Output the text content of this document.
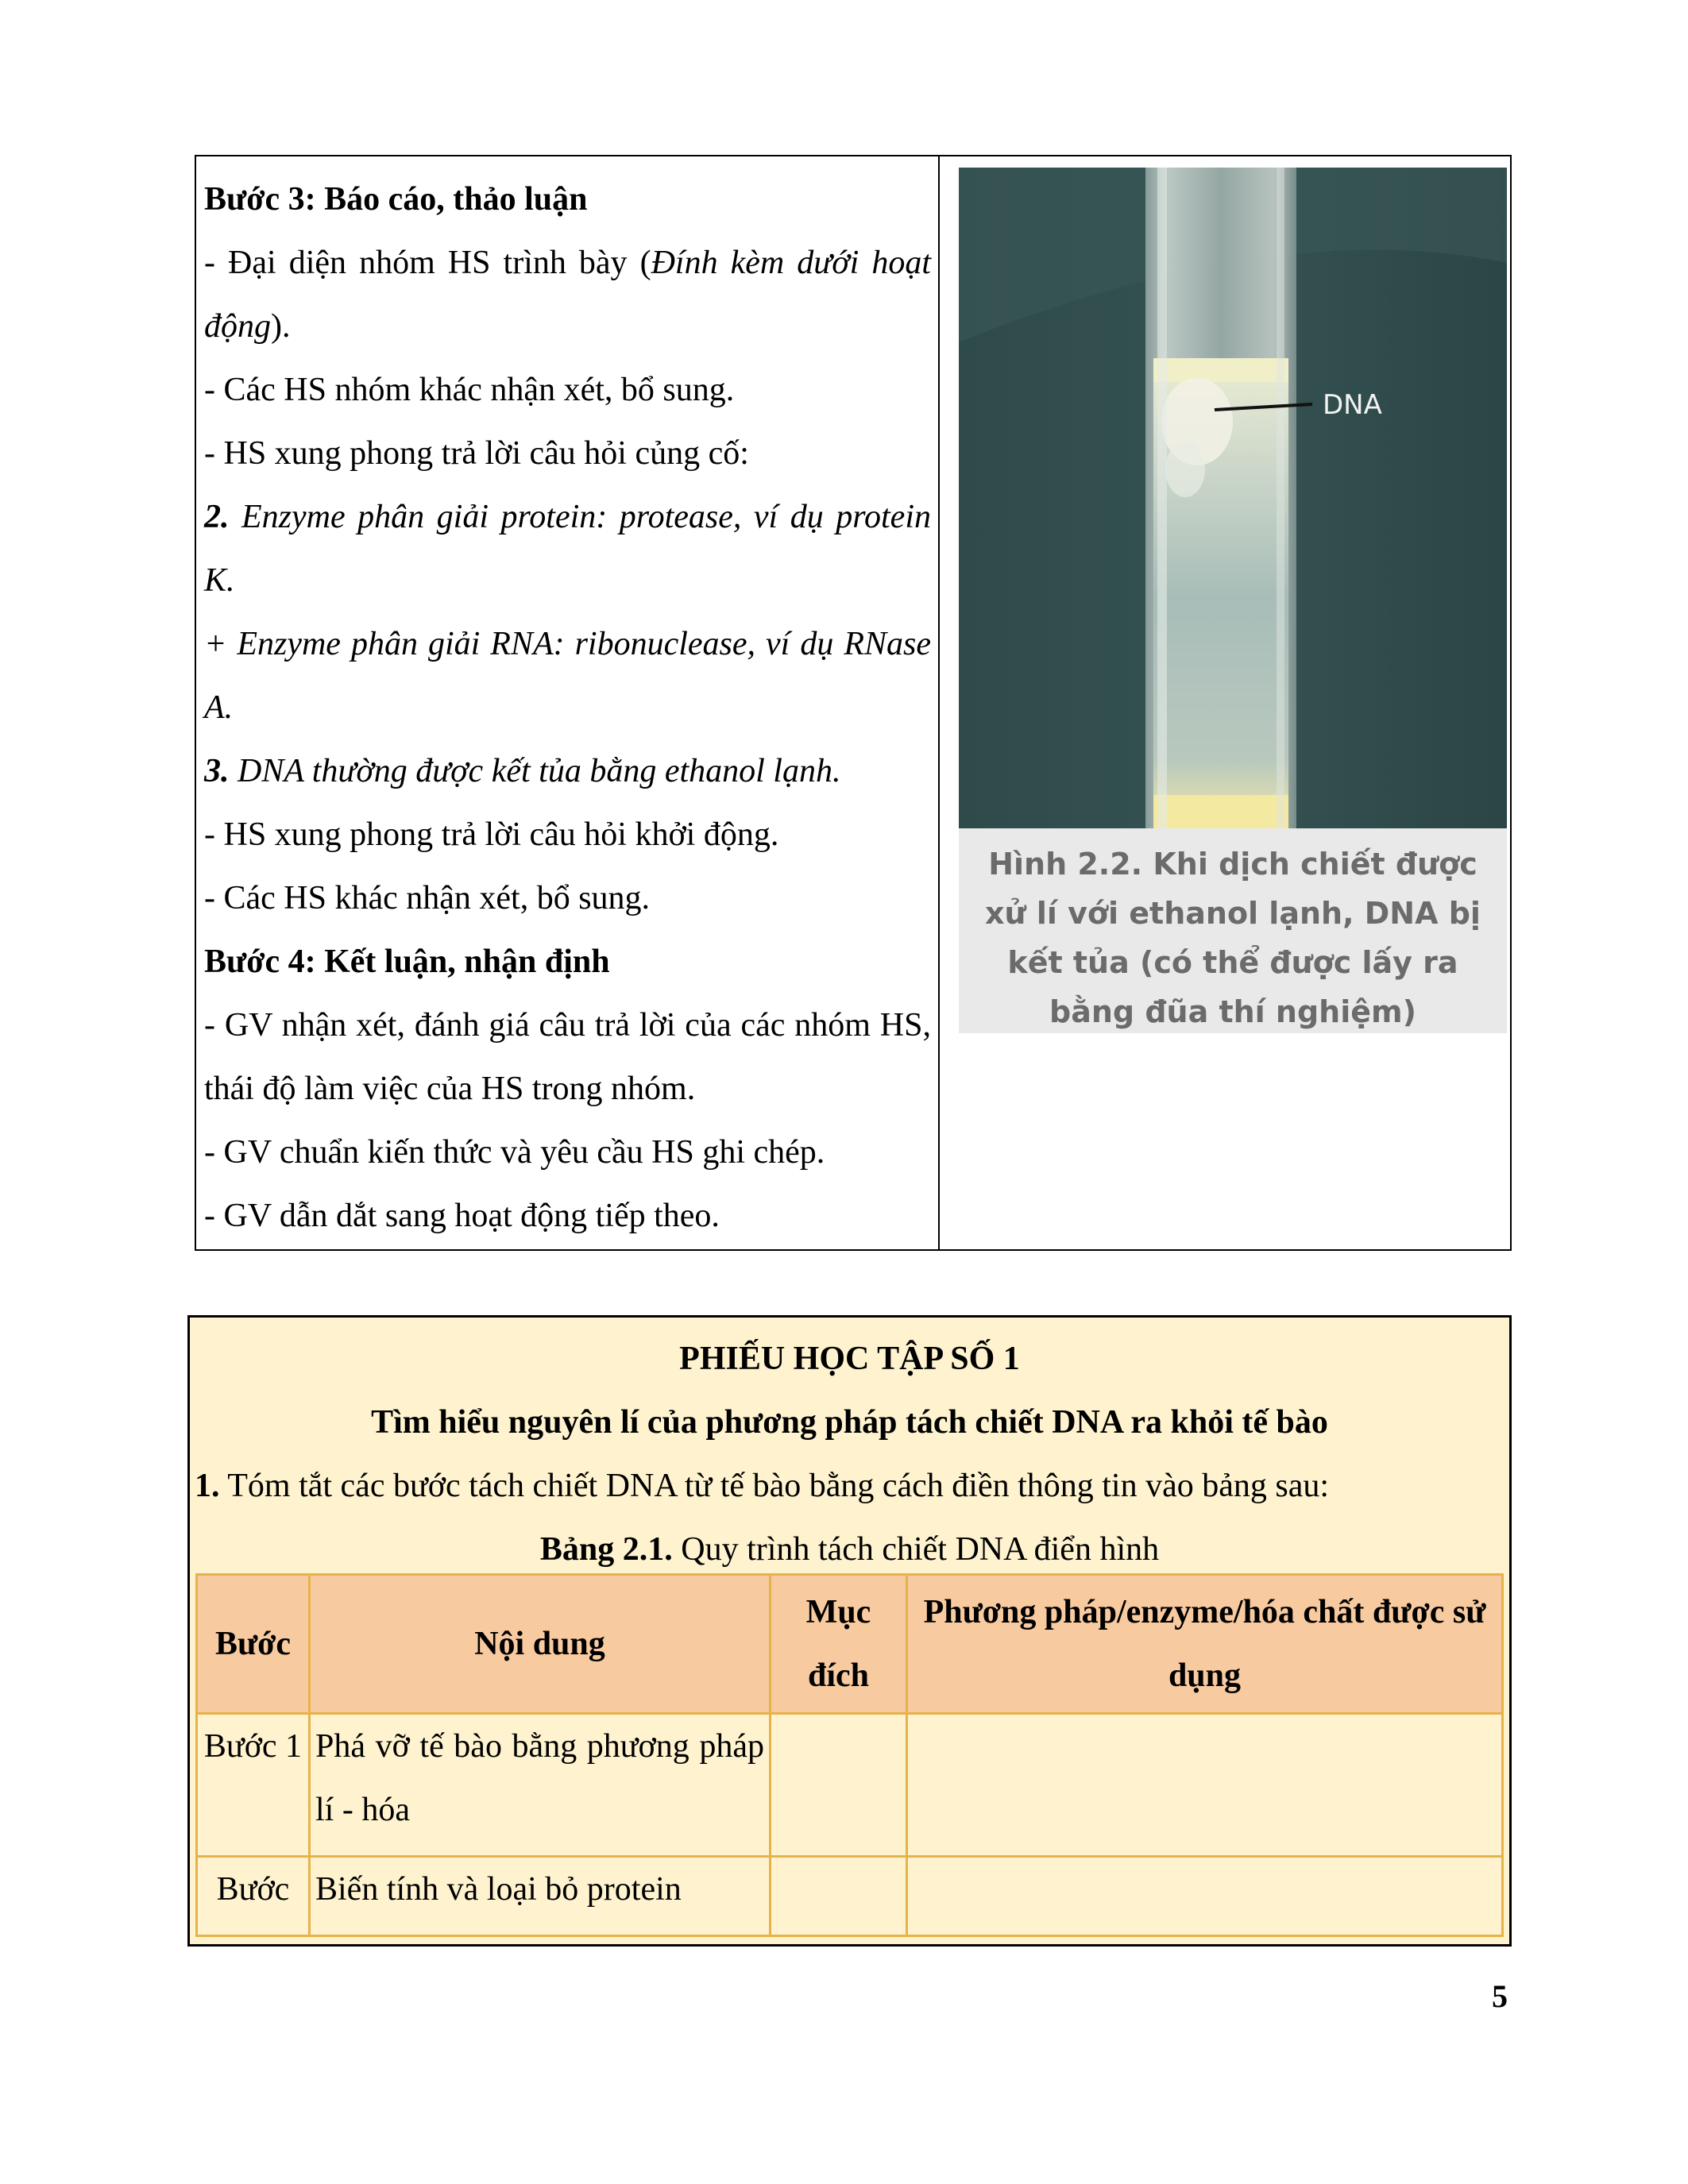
Bước 3: Báo cáo, thảo luận

- Đại diện nhóm HS trình bày (Đính kèm dưới hoạt động).

- Các HS nhóm khác nhận xét, bổ sung.

- HS xung phong trả lời câu hỏi củng cố:

2. Enzyme phân giải protein: protease, ví dụ protein K.

+ Enzyme phân giải RNA: ribonuclease, ví dụ RNase A.

3. DNA thường được kết tủa bằng ethanol lạnh.

- HS xung phong trả lời câu hỏi khởi động.

- Các HS khác nhận xét, bổ sung.

Bước 4: Kết luận, nhận định

- GV nhận xét, đánh giá câu trả lời của các nhóm HS, thái độ làm việc của HS trong nhóm.

- GV chuẩn kiến thức và yêu cầu HS ghi chép.

- GV dẫn dắt sang hoạt động tiếp theo.

DNA
Hình 2.2. Khi dịch chiết được xử lí với ethanol lạnh, DNA bị kết tủa (có thể được lấy ra bằng đũa thí nghiệm)
PHIẾU HỌC TẬP SỐ 1
Tìm hiểu nguyên lí của phương pháp tách chiết DNA ra khỏi tế bào
1. Tóm tắt các bước tách chiết DNA từ tế bào bằng cách điền thông tin vào bảng sau:
Bảng 2.1. Quy trình tách chiết DNA điển hình
Bước	Nội dung	Mục đích	Phương pháp/enzyme/hóa chất được sử dụng
Bước 1	Phá vỡ tế bào bằng phương pháp lí - hóa		
Bước	Biến tính và loại bỏ protein		
5
